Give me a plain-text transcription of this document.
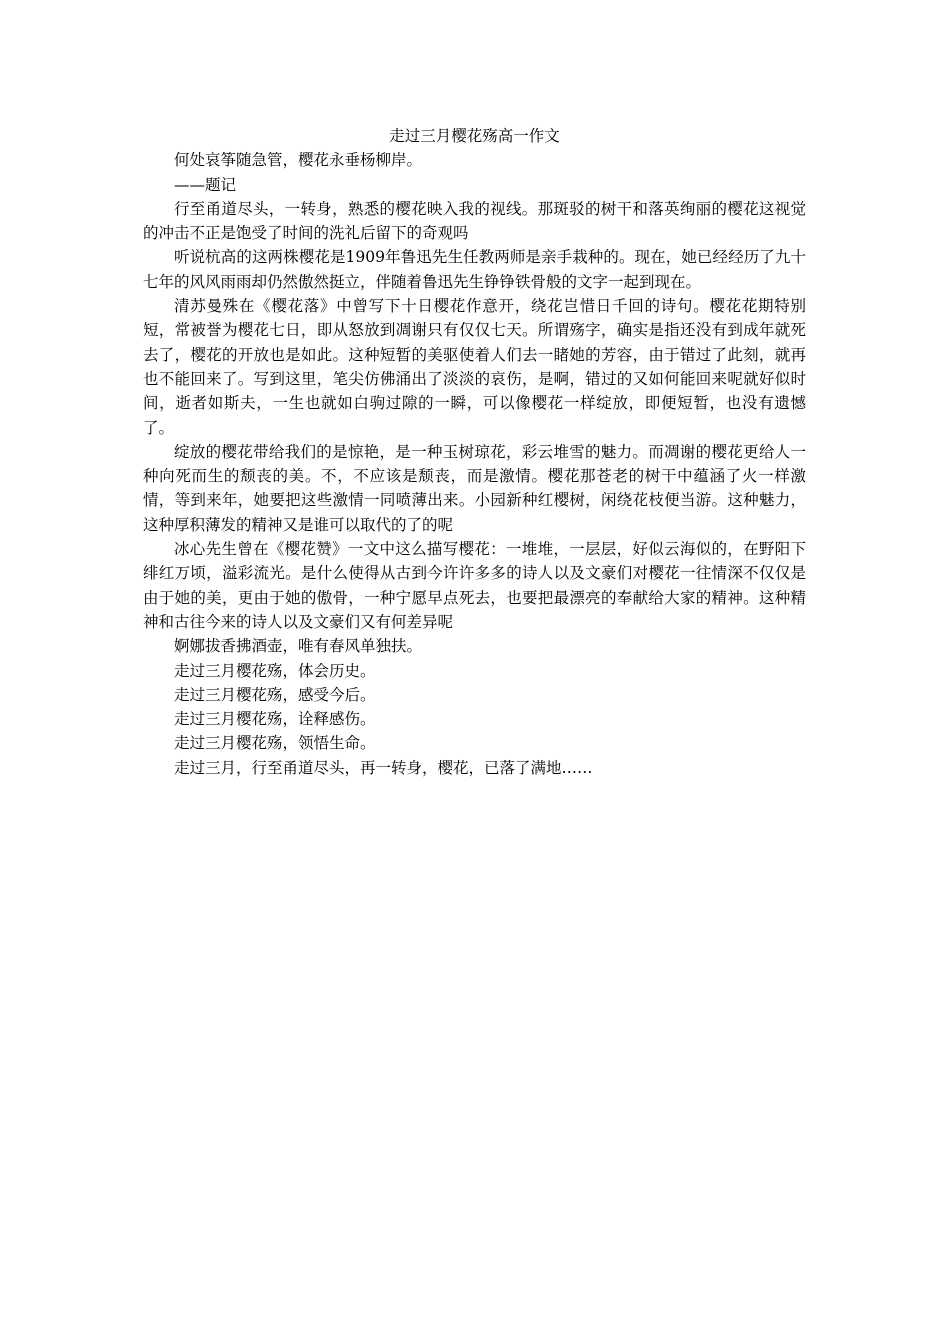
走过三月樱花殇高一作文

何处哀筝随急管，樱花永垂杨柳岸。

——题记

行至甬道尽头，一转身，熟悉的樱花映入我的视线。那斑驳的树干和落英绚丽的樱花这视觉的冲击不正是饱受了时间的洗礼后留下的奇观吗

听说杭高的这两株樱花是1909年鲁迅先生任教两师是亲手栽种的。现在，她已经经历了九十七年的风风雨雨却仍然傲然挺立，伴随着鲁迅先生铮铮铁骨般的文字一起到现在。

清苏曼殊在《樱花落》中曾写下十日樱花作意开，绕花岂惜日千回的诗句。樱花花期特别短，常被誉为樱花七日，即从怒放到凋谢只有仅仅七天。所谓殇字，确实是指还没有到成年就死去了，樱花的开放也是如此。这种短暂的美驱使着人们去一睹她的芳容，由于错过了此刻，就再也不能回来了。写到这里，笔尖仿佛涌出了淡淡的哀伤，是啊，错过的又如何能回来呢就好似时间，逝者如斯夫，一生也就如白驹过隙的一瞬，可以像樱花一样绽放，即便短暂，也没有遗憾了。

绽放的樱花带给我们的是惊艳，是一种玉树琼花，彩云堆雪的魅力。而凋谢的樱花更给人一种向死而生的颓丧的美。不，不应该是颓丧，而是激情。樱花那苍老的树干中蕴涵了火一样激情，等到来年，她要把这些激情一同喷薄出来。小园新种红樱树，闲绕花枝便当游。这种魅力，这种厚积薄发的精神又是谁可以取代的了的呢

冰心先生曾在《樱花赞》一文中这么描写樱花：一堆堆，一层层，好似云海似的，在野阳下绯红万顷，溢彩流光。是什么使得从古到今许许多多的诗人以及文豪们对樱花一往情深不仅仅是由于她的美，更由于她的傲骨，一种宁愿早点死去，也要把最漂亮的奉献给大家的精神。这种精神和古往今来的诗人以及文豪们又有何差异呢

婀娜拔香拂酒壶，唯有春风单独扶。

走过三月樱花殇，体会历史。

走过三月樱花殇，感受今后。

走过三月樱花殇，诠释感伤。

走过三月樱花殇，领悟生命。

走过三月，行至甬道尽头，再一转身，樱花，已落了满地……
